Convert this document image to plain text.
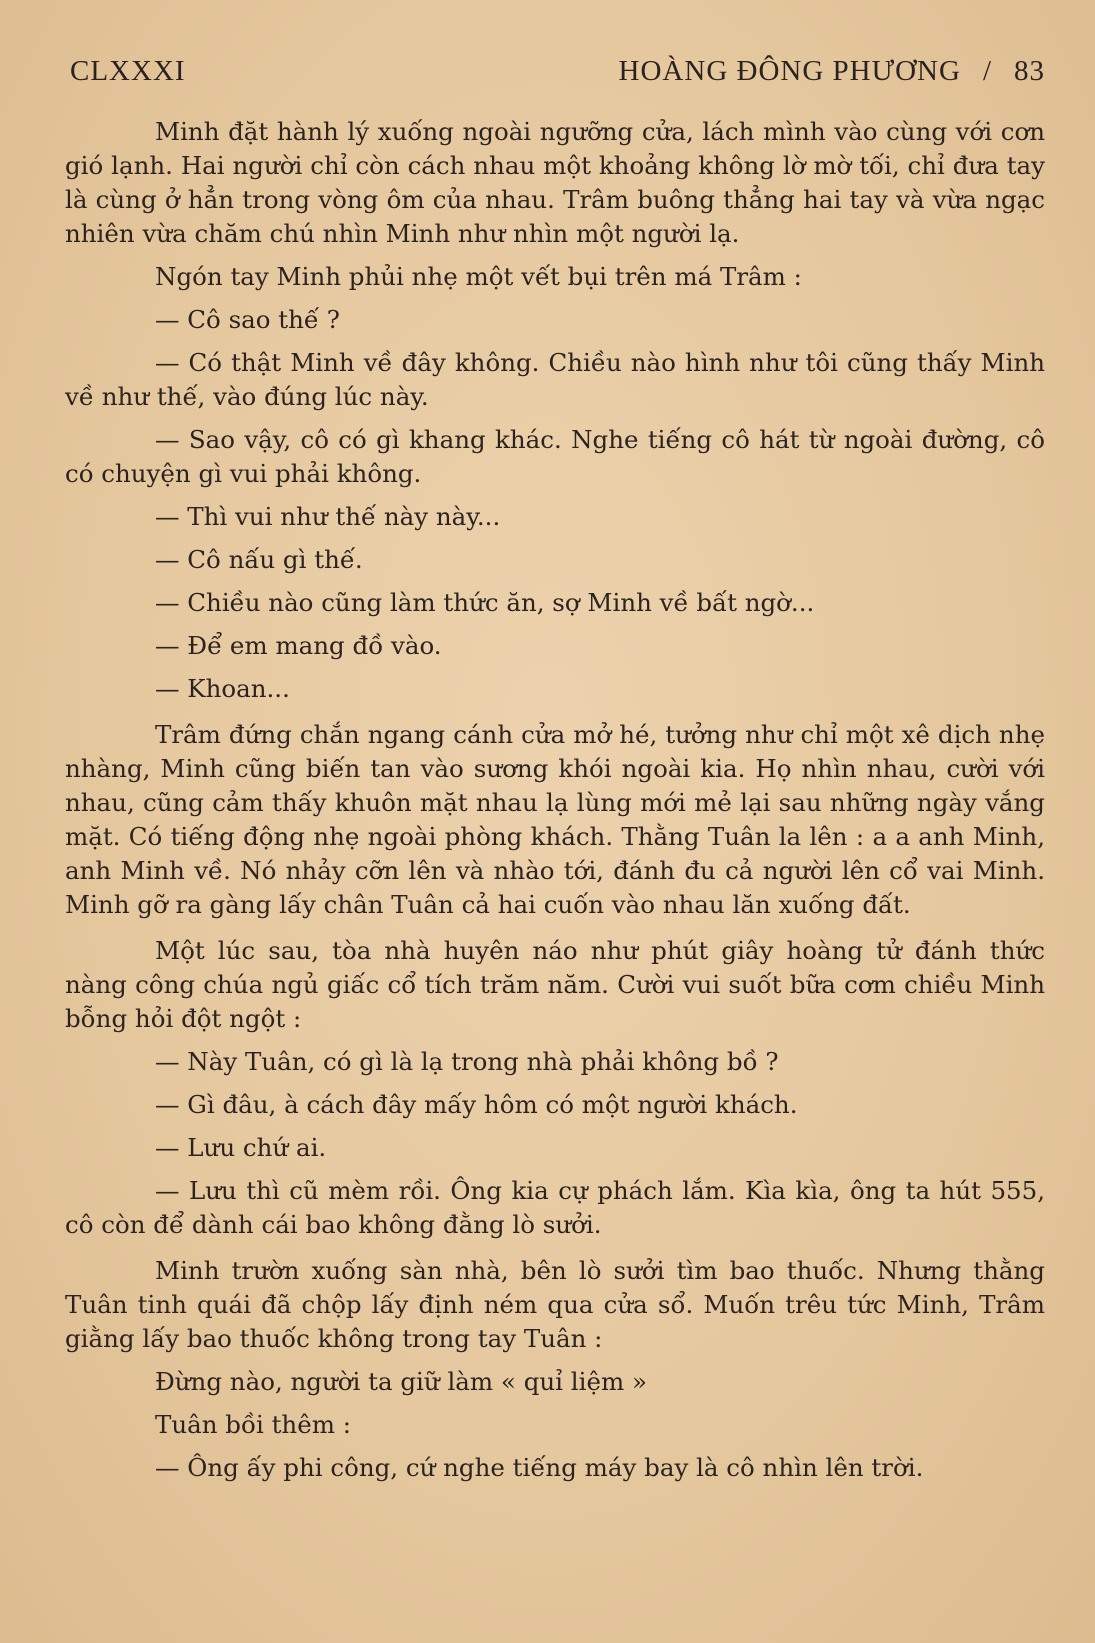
CLXXXI	HOÀNG ĐÔNG PHƯƠNG / 83

Minh đặt hành lý xuống ngoài ngưỡng cửa, lách mình vào cùng với cơn gió lạnh. Hai người chỉ còn cách nhau một khoảng không lờ mờ tối, chỉ đưa tay là cùng ở hẳn trong vòng ôm của nhau. Trâm buông thẳng hai tay và vừa ngạc nhiên vừa chăm chú nhìn Minh như nhìn một người lạ.

Ngón tay Minh phủi nhẹ một vết bụi trên má Trâm :

— Cô sao thế ?

— Có thật Minh về đây không. Chiều nào hình như tôi cũng thấy Minh về như thế, vào đúng lúc này.

— Sao vậy, cô có gì khang khác. Nghe tiếng cô hát từ ngoài đường, cô có chuyện gì vui phải không.

— Thì vui như thế này này...

— Cô nấu gì thế.

— Chiều nào cũng làm thức ăn, sợ Minh về bất ngờ...

— Để em mang đồ vào.

— Khoan...

Trâm đứng chắn ngang cánh cửa mở hé, tưởng như chỉ một xê dịch nhẹ nhàng, Minh cũng biến tan vào sương khói ngoài kia. Họ nhìn nhau, cười với nhau, cũng cảm thấy khuôn mặt nhau lạ lùng mới mẻ lại sau những ngày vắng mặt. Có tiếng động nhẹ ngoài phòng khách. Thằng Tuân la lên : a a anh Minh, anh Minh về. Nó nhảy cỡn lên và nhào tới, đánh đu cả người lên cổ vai Minh. Minh gỡ ra gàng lấy chân Tuân cả hai cuốn vào nhau lăn xuống đất.

Một lúc sau, tòa nhà huyên náo như phút giây hoàng tử đánh thức nàng công chúa ngủ giấc cổ tích trăm năm. Cười vui suốt bữa cơm chiều Minh bỗng hỏi đột ngột :

— Này Tuân, có gì là lạ trong nhà phải không bồ ?

— Gì đâu, à cách đây mấy hôm có một người khách.

— Lưu chứ ai.

— Lưu thì cũ mèm rồi. Ông kia cự phách lắm. Kìa kìa, ông ta hút 555, cô còn để dành cái bao không đằng lò sưởi.

Minh trườn xuống sàn nhà, bên lò sưởi tìm bao thuốc. Nhưng thằng Tuân tinh quái đã chộp lấy định ném qua cửa sổ. Muốn trêu tức Minh, Trâm giằng lấy bao thuốc không trong tay Tuân :

Đừng nào, người ta giữ làm « quỉ liệm »

Tuân bồi thêm :

— Ông ấy phi công, cứ nghe tiếng máy bay là cô nhìn lên trời.
